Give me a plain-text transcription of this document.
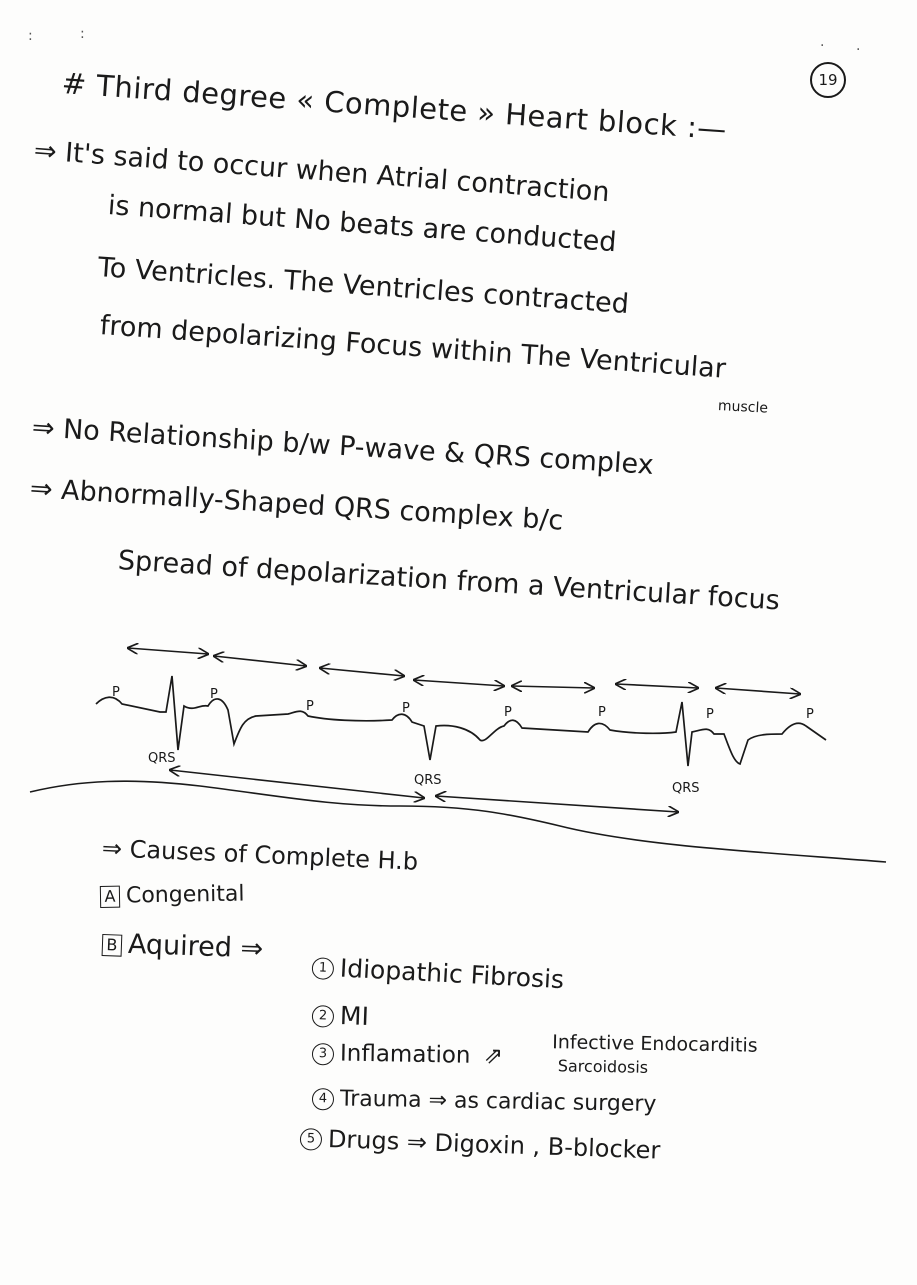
:	:	. .
# Third degree « Complete » Heart block :—	19
⇒ It's said to occur when Atrial contraction
is normal but No beats are conducted
To Ventricles. The Ventricles contracted
from depolarizing Focus within The Ventricular
muscle
⇒ No Relationship b/w P-wave & QRS complex
⇒ Abnormally-Shaped QRS complex b/c
Spread of depolarization from a Ventricular focus
P	P
P	P	P	P	P	P
QRS
QRS
QRS
⇒ Causes of Complete H.b
A Congenital
B Aquired ⇒
1 Idiopathic Fibrosis
2 MI
3 Inflamation ⇗	Infective Endocarditis
Sarcoidosis
4 Trauma ⇒ as cardiac surgery
5 Drugs ⇒ Digoxin , B-blocker
